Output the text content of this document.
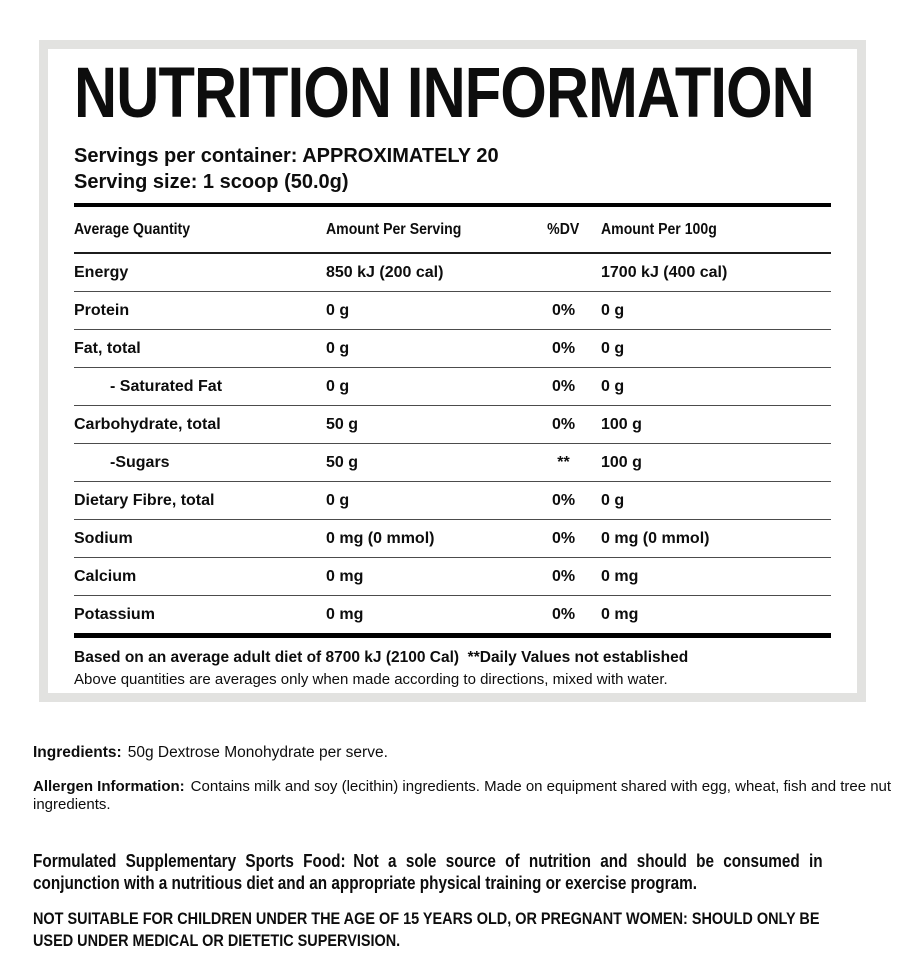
NUTRITION INFORMATION
Servings per container: APPROXIMATELY 20
Serving size: 1 scoop (50.0g)
Average Quantity	Amount Per Serving	%DV	Amount Per 100g
Energy	850 kJ (200 cal)		1700 kJ (400 cal)
Protein	0 g	0%	0 g
Fat, total	0 g	0%	0 g
- Saturated Fat	0 g	0%	0 g
Carbohydrate, total	50 g	0%	100 g
-Sugars	50 g	**	100 g
Dietary Fibre, total	0 g	0%	0 g
Sodium	0 mg (0 mmol)	0%	0 mg (0 mmol)
Calcium	0 mg	0%	0 mg
Potassium	0 mg	0%	0 mg
Based on an average adult diet of 8700 kJ (2100 Cal)  **Daily Values not established
Above quantities are averages only when made according to directions, mixed with water.
Ingredients: 50g Dextrose Monohydrate per serve.
Allergen Information: Contains milk and soy (lecithin) ingredients. Made on equipment shared with egg, wheat, fish and tree nut ingredients.
Formulated Supplementary Sports Food: Not a sole source of nutrition and should be consumed in conjunction with a nutritious diet and an appropriate physical training or exercise program.
NOT SUITABLE FOR CHILDREN UNDER THE AGE OF 15 YEARS OLD, OR PREGNANT WOMEN: SHOULD ONLY BE USED UNDER MEDICAL OR DIETETIC SUPERVISION.
